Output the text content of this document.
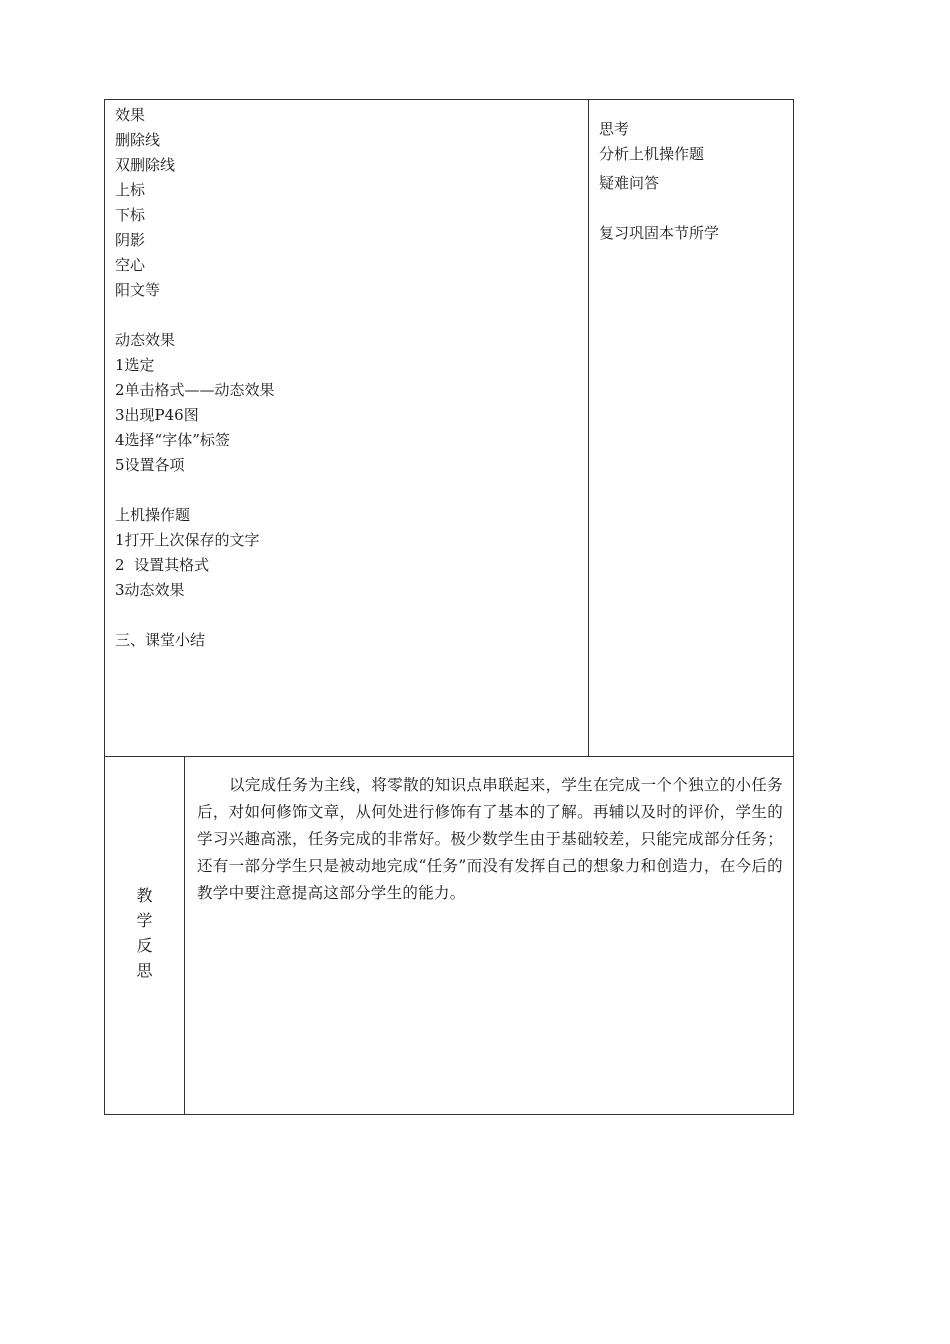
效果
删除线
双删除线
上标
下标
阴影
空心
阳文等
动态效果
1选定
2单击格式——动态效果
3出现P46图
4选择“字体”标签
5设置各项
上机操作题
1打开上次保存的文字
2  设置其格式
3动态效果
三、课堂小结
思考
分析上机操作题
疑难问答
复习巩固本节所学
教
学
反
思
以完成任务为主线，将零散的知识点串联起来，学生在完成一个个独立的小任务后，对如何修饰文章，从何处进行修饰有了基本的了解。再辅以及时的评价，学生的学习兴趣高涨，任务完成的非常好。极少数学生由于基础较差，只能完成部分任务；还有一部分学生只是被动地完成“任务”而没有发挥自己的想象力和创造力，在今后的教学中要注意提高这部分学生的能力。
